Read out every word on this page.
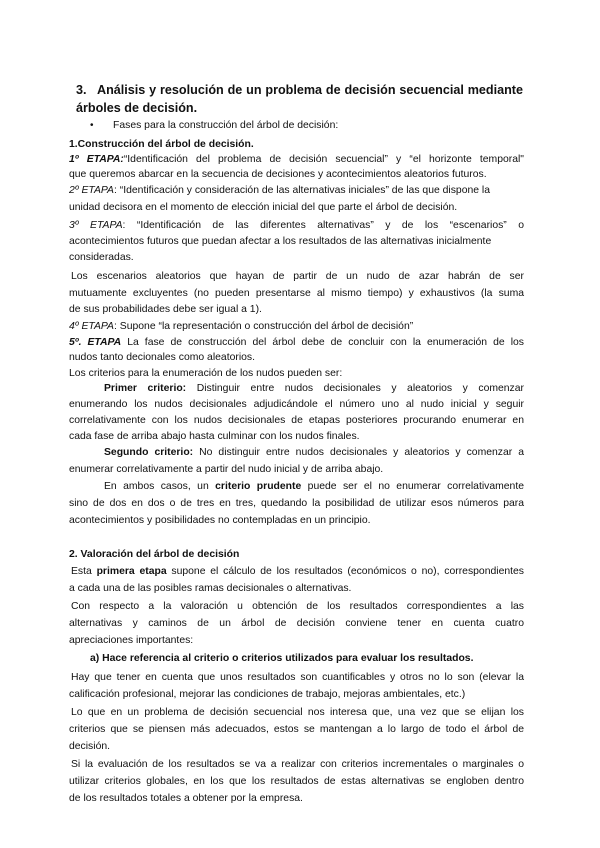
3. Análisis y resolución de un problema de decisión secuencial mediante
árboles de decisión.
• Fases para la construcción del árbol de decisión:
1.Construcción del árbol de decisión.
1º ETAPA:“Identificación del problema de decisión secuencial” y “el horizonte temporal"
que queremos abarcar en la secuencia de decisiones y acontecimientos aleatorios futuros.
2º ETAPA: “Identificación y consideración de las alternativas iniciales” de las que dispone la
unidad decisora en el momento de elección inicial del que parte el árbol de decisión.
3º ETAPA: “Identificación de las diferentes alternativas” y de los “escenarios” o
acontecimientos futuros que puedan afectar a los resultados de las alternativas inicialmente
consideradas.
Los escenarios aleatorios que hayan de partir de un nudo de azar habrán de ser
mutuamente excluyentes (no pueden presentarse al mismo tiempo) y exhaustivos (la suma
de sus probabilidades debe ser igual a 1).
4º ETAPA: Supone “la representación o construcción del árbol de decisión”
5º. ETAPA La fase de construcción del árbol debe de concluir con la enumeración de los
nudos tanto decionales como aleatorios.
Los criterios para la enumeración de los nudos pueden ser:
Primer criterio: Distinguir entre nudos decisionales y aleatorios y comenzar
enumerando los nudos decisionales adjudicándole el número uno al nudo inicial y seguir
correlativamente con los nudos decisionales de etapas posteriores procurando enumerar en
cada fase de arriba abajo hasta culminar con los nudos finales.
Segundo criterio: No distinguir entre nudos decisionales y aleatorios y comenzar a
enumerar correlativamente a partir del nudo inicial y de arriba abajo.
En ambos casos, un criterio prudente puede ser el no enumerar correlativamente
sino de dos en dos o de tres en tres, quedando la posibilidad de utilizar esos números para
acontecimientos y posibilidades no contempladas en un principio.
2. Valoración del árbol de decisión
Esta primera etapa supone el cálculo de los resultados (económicos o no), correspondientes
a cada una de las posibles ramas decisionales o alternativas.
Con respecto a la valoración u obtención de los resultados correspondientes a las
alternativas y caminos de un árbol de decisión conviene tener en cuenta cuatro
apreciaciones importantes:
a) Hace referencia al criterio o criterios utilizados para evaluar los resultados.
Hay que tener en cuenta que unos resultados son cuantificables y otros no lo son (elevar la
calificación profesional, mejorar las condiciones de trabajo, mejoras ambientales, etc.)
Lo que en un problema de decisión secuencial nos interesa que, una vez que se elijan los
criterios que se piensen más adecuados, estos se mantengan a lo largo de todo el árbol de
decisión.
Si la evaluación de los resultados se va a realizar con criterios incrementales o marginales o
utilizar criterios globales, en los que los resultados de estas alternativas se engloben dentro
de los resultados totales a obtener por la empresa.
